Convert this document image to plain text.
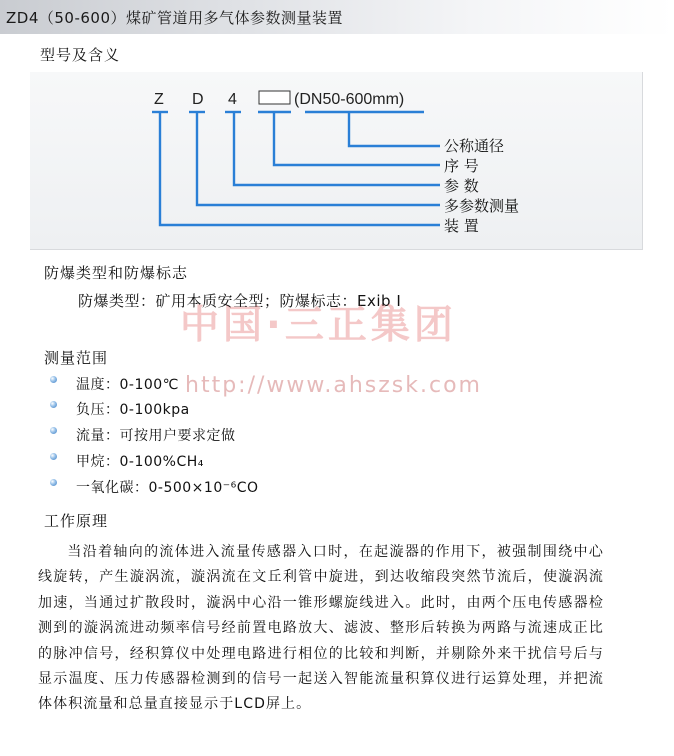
ZD4（50-600）煤矿管道用多气体参数测量装置
型号及含义
Z D 4	(DN50-600mm)
公称通径
序 号
参 数
多参数测量
装 置
防爆类型和防爆标志
防爆类型：矿用本质安全型；防爆标志：Exib I
中国·三正集团
测量范围
温度：0-100℃ http://www.ahszsk.com
负压：0-100kpa
流量：可按用户要求定做
甲烷：0-100%CH₄
一氧化碳：0-500×10⁻⁶CO
工作原理
当沿着轴向的流体进入流量传感器入口时，在起漩器的作用下，被强制围绕中心线旋转，产生漩涡流，漩涡流在文丘利管中旋进，到达收缩段突然节流后，使漩涡流加速，当通过扩散段时，漩涡中心沿一锥形螺旋线进入。此时，由两个压电传感器检测到的漩涡流进动频率信号经前置电路放大、滤波、整形后转换为两路与流速成正比的脉冲信号，经积算仪中处理电路进行相位的比较和判断，并剔除外来干扰信号后与显示温度、压力传感器检测到的信号一起送入智能流量积算仪进行运算处理，并把流体体积流量和总量直接显示于LCD屏上。
